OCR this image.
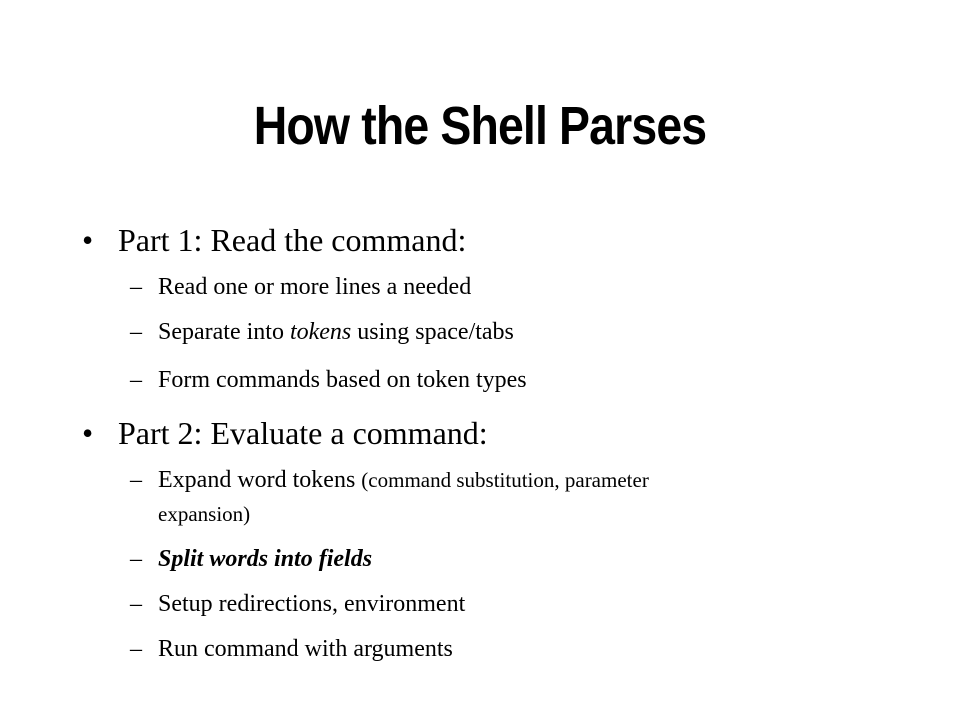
How the Shell Parses
• Part 1: Read the command:
– Read one or more lines a needed
– Separate into tokens using space/tabs
– Form commands based on token types
• Part 2: Evaluate a command:
– Expand word tokens (command substitution, parameter
expansion)
– Split words into fields
– Setup redirections, environment
– Run command with arguments
